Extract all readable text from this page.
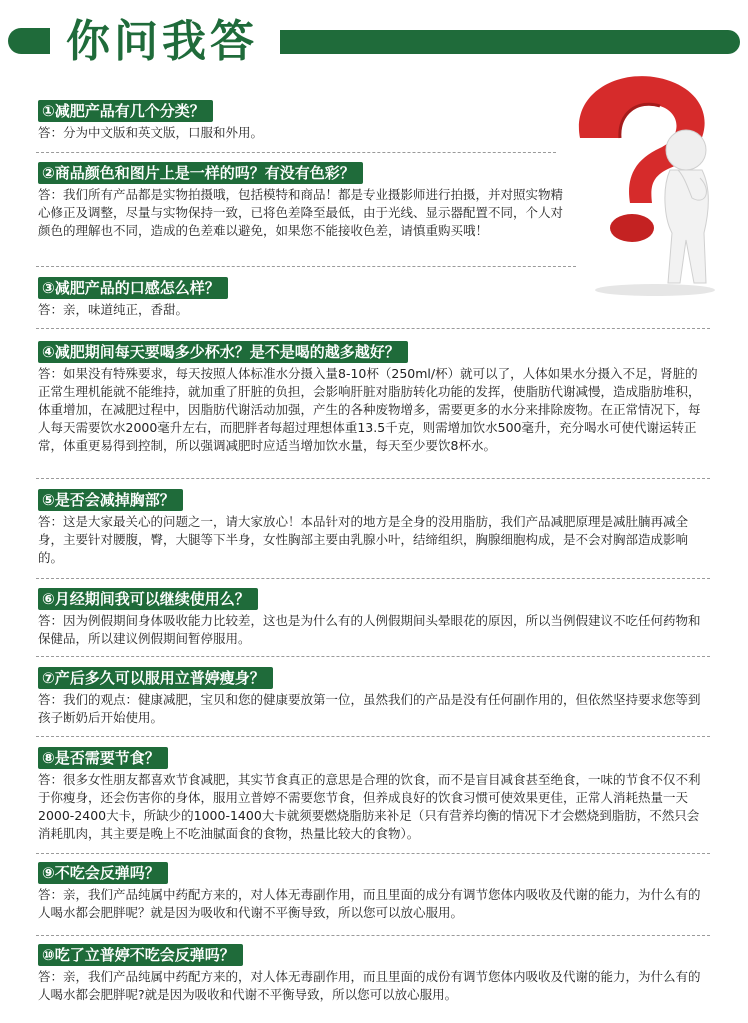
你问我答
①减肥产品有几个分类？
答：分为中文版和英文版，口服和外用。
②商品颜色和图片上是一样的吗？有没有色彩？
答：我们所有产品都是实物拍摄哦，包括模特和商品！都是专业摄影师进行拍摄，并对照实物精心修正及调整，尽量与实物保持一致，已将色差降至最低，由于光线、显示器配置不同，个人对颜色的理解也不同，造成的色差难以避免，如果您不能接收色差，请慎重购买哦！
③减肥产品的口感怎么样？
答：亲，味道纯正，香甜。
④减肥期间每天要喝多少杯水？是不是喝的越多越好？
答：如果没有特殊要求，每天按照人体标准水分摄入量8-10杯（250ml/杯）就可以了，人体如果水分摄入不足，肾脏的正常生理机能就不能维持，就加重了肝脏的负担，会影响肝脏对脂肪转化功能的发挥，使脂肪代谢减慢，造成脂肪堆积，体重增加，在减肥过程中，因脂肪代谢活动加强，产生的各种废物增多，需要更多的水分来排除废物。在正常情况下，每人每天需要饮水2000毫升左右，而肥胖者每超过理想体重13.5千克，则需增加饮水500毫升，充分喝水可使代谢运转正常，体重更易得到控制，所以强调减肥时应适当增加饮水量，每天至少要饮8杯水。
⑤是否会减掉胸部？
答：这是大家最关心的问题之一，请大家放心！本品针对的地方是全身的没用脂肪，我们产品减肥原理是减肚腩再减全身，主要针对腰腹，臀，大腿等下半身，女性胸部主要由乳腺小叶，结缔组织，胸腺细胞构成，是不会对胸部造成影响的。
⑥月经期间我可以继续使用么？
答：因为例假期间身体吸收能力比较差，这也是为什么有的人例假期间头晕眼花的原因，所以当例假建议不吃任何药物和保健品，所以建议例假期间暂停服用。
⑦产后多久可以服用立普婷瘦身？
答：我们的观点：健康减肥，宝贝和您的健康要放第一位，虽然我们的产品是没有任何副作用的，但依然坚持要求您等到孩子断奶后开始使用。
⑧是否需要节食？
答：很多女性朋友都喜欢节食减肥，其实节食真正的意思是合理的饮食，而不是盲目减食甚至绝食，一味的节食不仅不利于你瘦身，还会伤害你的身体，服用立普婷不需要您节食，但养成良好的饮食习惯可使效果更佳，正常人消耗热量一天2000-2400大卡，所缺少的1000-1400大卡就须要燃烧脂肪来补足（只有营养均衡的情况下才会燃烧到脂肪，不然只会消耗肌肉，其主要是晚上不吃油腻面食的食物，热量比较大的食物）。
⑨不吃会反弹吗？
答：亲，我们产品纯属中药配方来的，对人体无毒副作用，而且里面的成分有调节您体内吸收及代谢的能力，为什么有的人喝水都会肥胖呢？就是因为吸收和代谢不平衡导致，所以您可以放心服用。
⑩吃了立普婷不吃会反弹吗？
答：亲，我们产品纯属中药配方来的，对人体无毒副作用，而且里面的成份有调节您体内吸收及代谢的能力，为什么有的人喝水都会肥胖呢?就是因为吸收和代谢不平衡导致，所以您可以放心服用。
